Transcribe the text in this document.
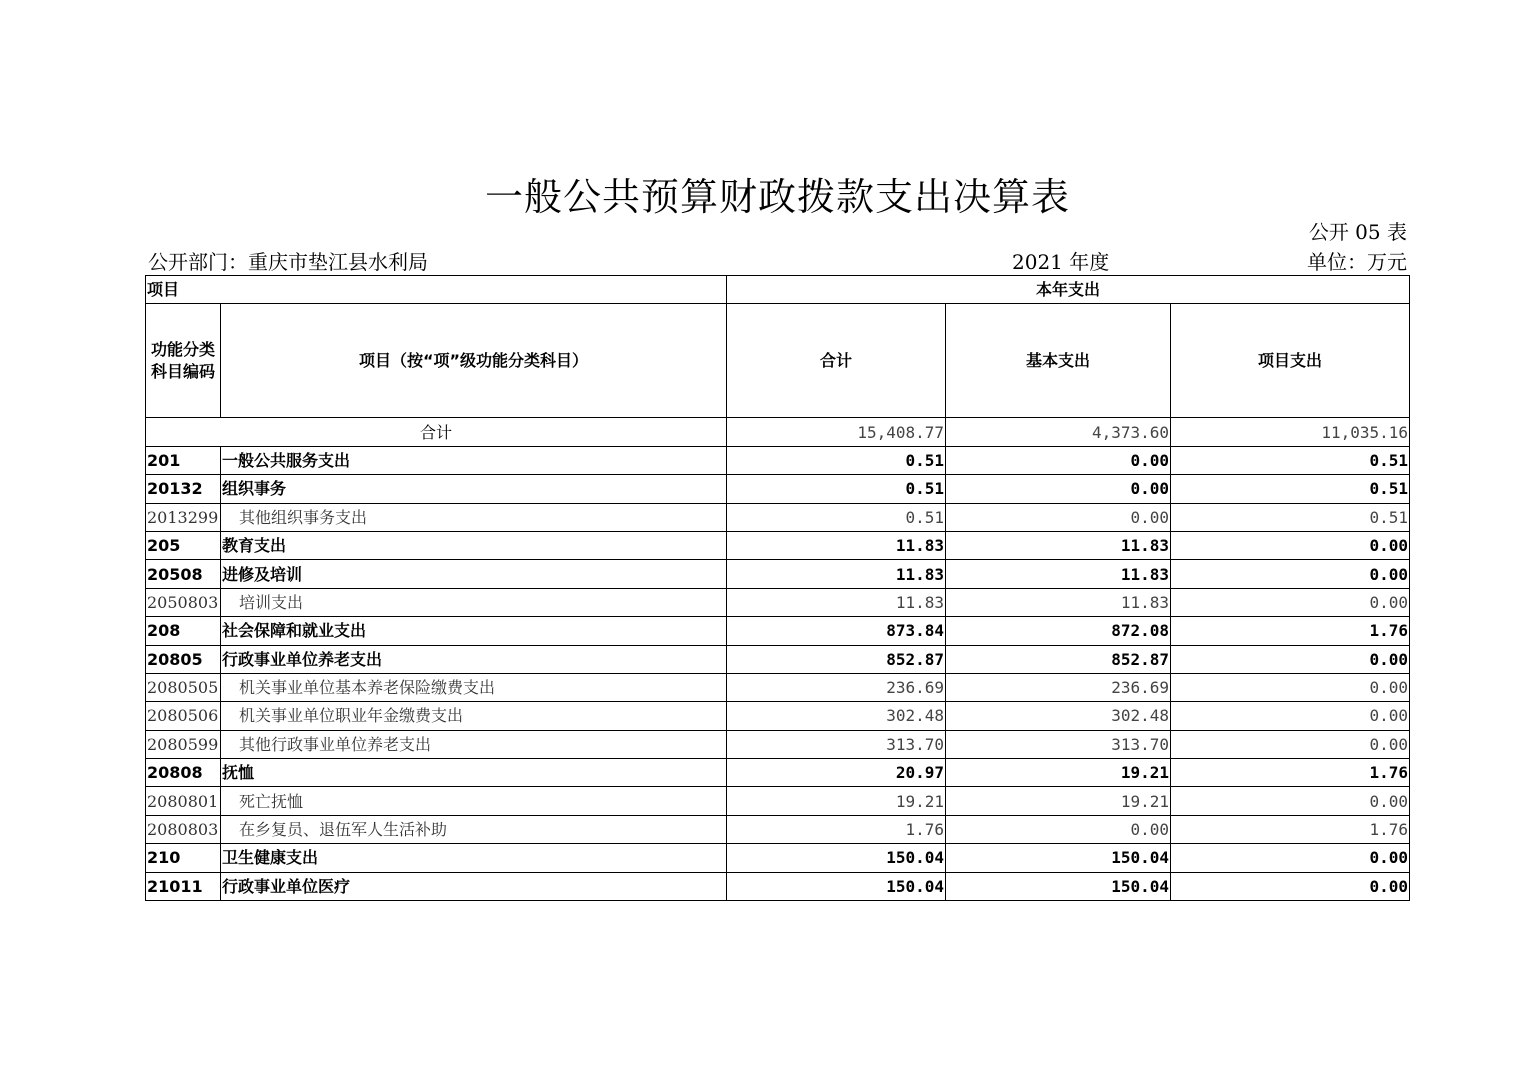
一般公共预算财政拨款支出决算表
公开 05 表
公开部门：重庆市垫江县水利局	2021 年度	单位：万元
项目		本年支出		
功能分类科目编码	项目（按“项”级功能分类科目）	合计	基本支出	项目支出
合计		15,408.77	4,373.60	11,035.16
201	一般公共服务支出	0.51	0.00	0.51
20132	组织事务	0.51	0.00	0.51
2013299	其他组织事务支出	0.51	0.00	0.51
205	教育支出	11.83	11.83	0.00
20508	进修及培训	11.83	11.83	0.00
2050803	培训支出	11.83	11.83	0.00
208	社会保障和就业支出	873.84	872.08	1.76
20805	行政事业单位养老支出	852.87	852.87	0.00
2080505	机关事业单位基本养老保险缴费支出	236.69	236.69	0.00
2080506	机关事业单位职业年金缴费支出	302.48	302.48	0.00
2080599	其他行政事业单位养老支出	313.70	313.70	0.00
20808	抚恤	20.97	19.21	1.76
2080801	死亡抚恤	19.21	19.21	0.00
2080803	在乡复员、退伍军人生活补助	1.76	0.00	1.76
210	卫生健康支出	150.04	150.04	0.00
21011	行政事业单位医疗	150.04	150.04	0.00
